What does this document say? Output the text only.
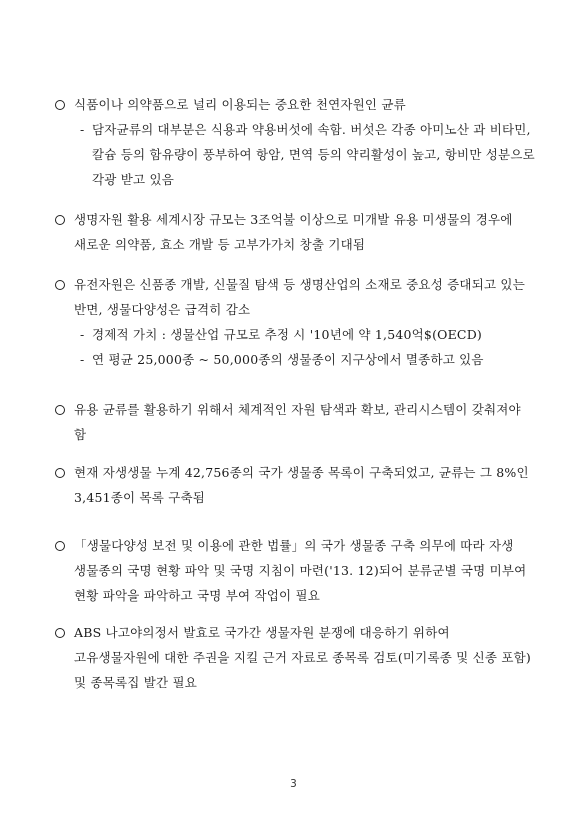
식품이나 의약품으로 널리 이용되는 중요한 천연자원인 균류
- 담자균류의 대부분은 식용과 약용버섯에 속함. 버섯은 각종 아미노산 과 비타민, 칼슘 등의 함유량이 풍부하여 항암, 면역 등의 약리활성이 높고, 항비만 성분으로 각광 받고 있음
생명자원 활용 세계시장 규모는 3조억불 이상으로 미개발 유용 미생물의 경우에 새로운 의약품, 효소 개발 등 고부가가치 창출 기대됨
유전자원은 신품종 개발, 신물질 탐색 등 생명산업의 소재로 중요성 증대되고 있는 반면, 생물다양성은 급격히 감소
- 경제적 가치 : 생물산업 규모로 추정 시 '10년에 약 1,540억$(OECD)
- 연 평균 25,000종 ~ 50,000종의 생물종이 지구상에서 멸종하고 있음
유용 균류를 활용하기 위해서 체계적인 자원 탐색과 확보, 관리시스템이 갖춰져야 함
현재 자생생물 누계 42,756종의 국가 생물종 목록이 구축되었고, 균류는 그 8%인 3,451종이 목록 구축됨
「생물다양성 보전 및 이용에 관한 법률」의 국가 생물종 구축 의무에 따라 자생 생물종의 국명 현황 파악 및 국명 지침이 마련('13. 12)되어 분류군별 국명 미부여 현황 파악을 파악하고 국명 부여 작업이 필요
ABS 나고야의정서 발효로 국가간 생물자원 분쟁에 대응하기 위하여 고유생물자원에 대한 주권을 지킬 근거 자료로 종목록 검토(미기록종 및 신종 포함) 및 종목록집 발간 필요
3
